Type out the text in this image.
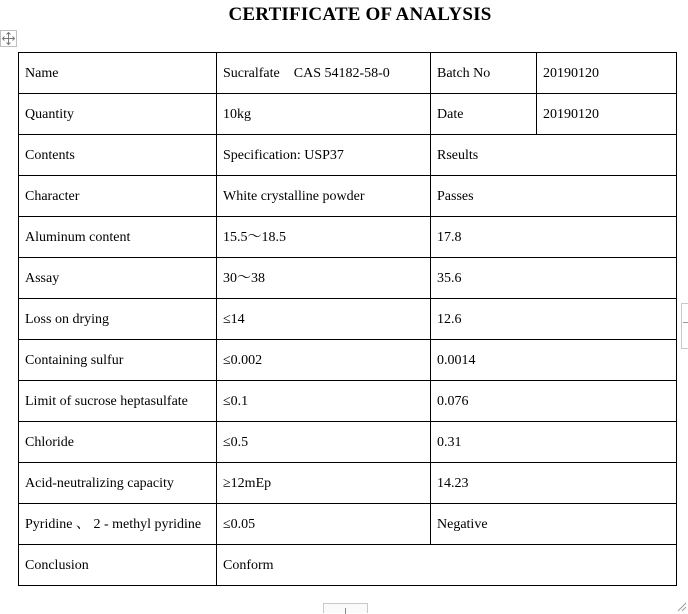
CERTIFICATE OF ANALYSIS
Name	Sucralfate　CAS 54182-58-0	Batch No	20190120
Quantity	10kg	Date	20190120
Contents	Specification: USP37	Rseults	
Character	White crystalline powder	Passes	
Aluminum content	15.5～18.5	17.8	
Assay	30～38	35.6	
Loss on drying	≤14	12.6	
Containing sulfur	≤0.002	0.0014	
Limit of sucrose heptasulfate	≤0.1	0.076	
Chloride	≤0.5	0.31	
Acid-neutralizing capacity	≥12mEp	14.23	
Pyridine 、 2 - methyl pyridine	≤0.05	Negative	
Conclusion	Conform		
